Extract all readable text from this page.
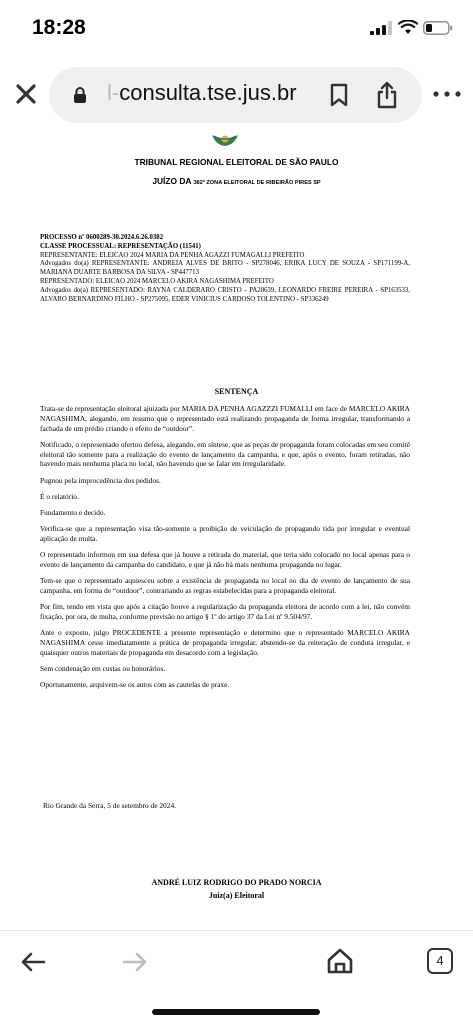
18:28
l-consulta.tse.jus.br
TRIBUNAL REGIONAL ELEITORAL DE SÃO PAULO
JUÍZO DA 382ª ZONA ELEITORAL DE RIBEIRÃO PIRES SP
PROCESSO nº 0600289-30.2024.6.26.0382
CLASSE PROCESSUAL: REPRESENTAÇÃO (11541)
REPRESENTANTE: ELEICAO 2024 MARIA DA PENHA AGAZZI FUMAGALLI PREFEITO
Advogados do(a) REPRESENTANTE: ANDREIA ALVES DE BRITO - SP278046, ERIKA LUCY DE SOUZA - SP171199-A, MARIANA DUARTE BARBOSA DA SILVA - SP447713
REPRESENTADO: ELEICAO 2024 MARCELO AKIRA NAGASHIMA PREFEITO
Advogados do(a) REPRESENTADO: RAYNA CALDERARO CRISTO - PA28639, LEONARDO FREIRE PEREIRA - SP163533, ALVARO BERNARDINO FILHO - SP275095, EDER VINICIUS CARDOSO TOLENTINO - SP336249
SENTENÇA

Trata-se de representação eleitoral ajuizada por MARIA DA PENHA AGAZZZI FUMALLI em face de MARCELO AKIRA NAGASHIMA, alegando, em resumo que o representado está realizando propaganda de forma irregular, transformando a fachada de um prédio criando o efeito de “outdoor”.

Notificado, o representado ofertou defesa, alegando, em síntese, que as peças de propaganda foram colocadas em seu comitê eleitoral tão somente para a realização do evento de lançamento da campanha, e que, após o evento, foram retiradas, não havendo mais nenhuma placa no local, não havendo que se falar em irregularidade.

Pugnou pela improcedência dos pedidos.

É o relatório.

Fundamento e decido.

Verifica-se que a representação visa tão-somente a proibição de veiculação de propagando tida por irregular e eventual aplicação de multa.

O representado informou em sua defesa que já houve a retirada do material, que teria sido colocado no local apenas para o evento de lançamento da campanha do candidato, e que já não há mais nenhuma propaganda no lugar.

Tem-se que o representado aquiesceu sobre a existência de propaganda no local no dia de evento de lançamento de sua campanha, em forma de “outdoor”, contrariando as regras estabelecidas para a propaganda eleitoral.

Por fim, tendo em vista que após a citação houve a regularização da propaganda eleitora de acordo com a lei, não convém fixação, por ora, de multa, conforme previsão no artigo § 1º do artigo 37 da Lei nº 9.504/97.

Ante o exposto, julgo PROCEDENTE a presente representação e determino que o representado MARCELO AKIRA NAGASHIMA cesse imediatamente a prática de propaganda irregular, abstendo-se da reiteração de conduta irregular, e quaisquer outros materiais de propaganda em desacordo com a legislação.

Sem condenação em custas ou honorários.

Oportunamente, arquivem-se os autos com as cautelas de praxe.

Rio Grande da Serra, 5 de setembro de 2024.
ANDRÉ LUIZ RODRIGO DO PRADO NORCIA
Juiz(a) Eleitoral
4
